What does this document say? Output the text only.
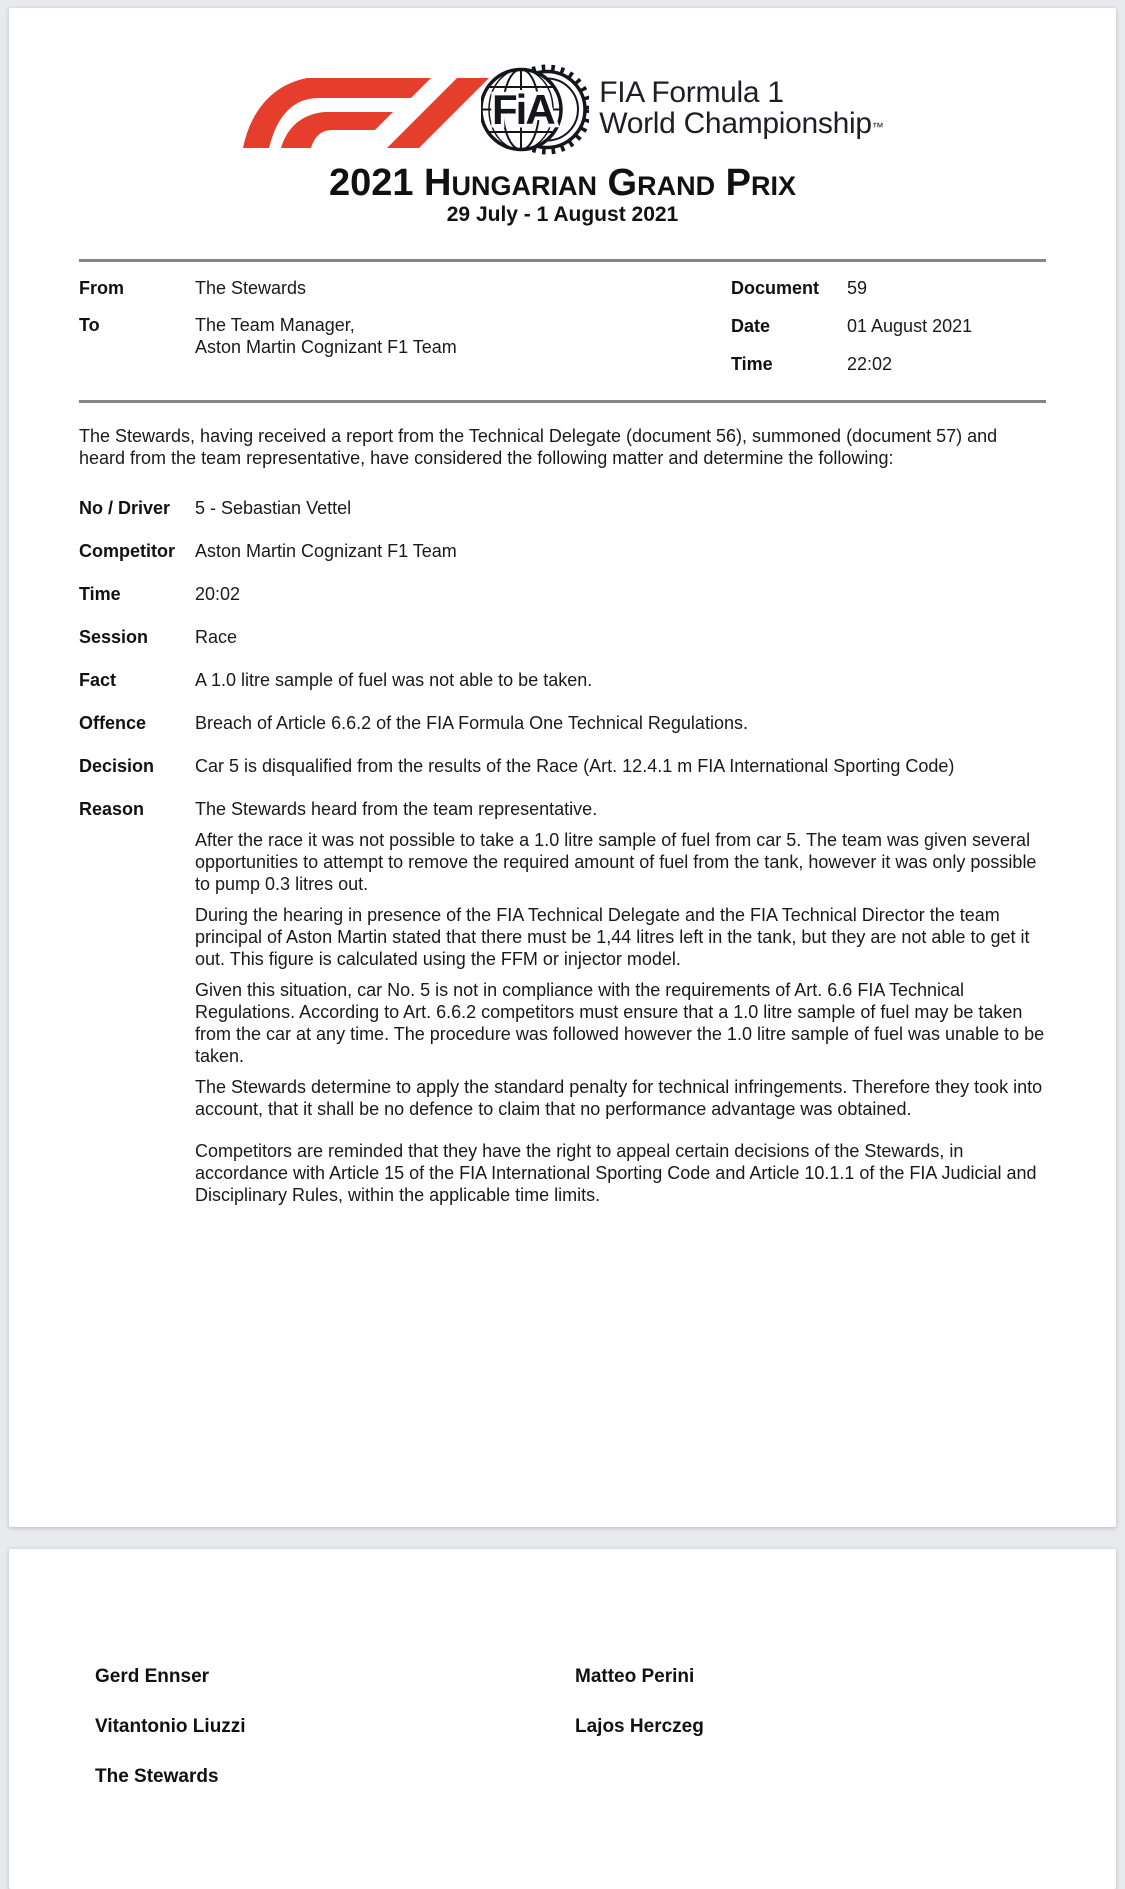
FiA FIA Formula 1
World Championship™
2021 Hungarian Grand Prix
29 July - 1 August 2021
From	The Stewards
To	The Team Manager,
Aston Martin Cognizant F1 Team
Document	59
Date	01 August 2021
Time	22:02

The Stewards, having received a report from the Technical Delegate (document 56), summoned (document 57) and heard from the team representative, have considered the following matter and determine the following:

No / Driver	5 - Sebastian Vettel
Competitor	Aston Martin Cognizant F1 Team
Time	20:02
Session	Race
Fact	A 1.0 litre sample of fuel was not able to be taken.
Offence	Breach of Article 6.6.2 of the FIA Formula One Technical Regulations.
Decision	Car 5 is disqualified from the results of the Race (Art. 12.4.1 m FIA International Sporting Code)
Reason	The Stewards heard from the team representative.

After the race it was not possible to take a 1.0 litre sample of fuel from car 5. The team was given several opportunities to attempt to remove the required amount of fuel from the tank, however it was only possible to pump 0.3 litres out.

During the hearing in presence of the FIA Technical Delegate and the FIA Technical Director the team principal of Aston Martin stated that there must be 1,44 litres left in the tank, but they are not able to get it out. This figure is calculated using the FFM or injector model.

Given this situation, car No. 5 is not in compliance with the requirements of Art. 6.6 FIA Technical Regulations. According to Art. 6.6.2 competitors must ensure that a 1.0 litre sample of fuel may be taken from the car at any time. The procedure was followed however the 1.0 litre sample of fuel was unable to be taken.

The Stewards determine to apply the standard penalty for technical infringements. Therefore they took into account, that it shall be no defence to claim that no performance advantage was obtained.

Competitors are reminded that they have the right to appeal certain decisions of the Stewards, in accordance with Article 15 of the FIA International Sporting Code and Article 10.1.1 of the FIA Judicial and Disciplinary Rules, within the applicable time limits.

Gerd Ennser	Matteo Perini
Vitantonio Liuzzi	Lajos Herczeg
The Stewards
